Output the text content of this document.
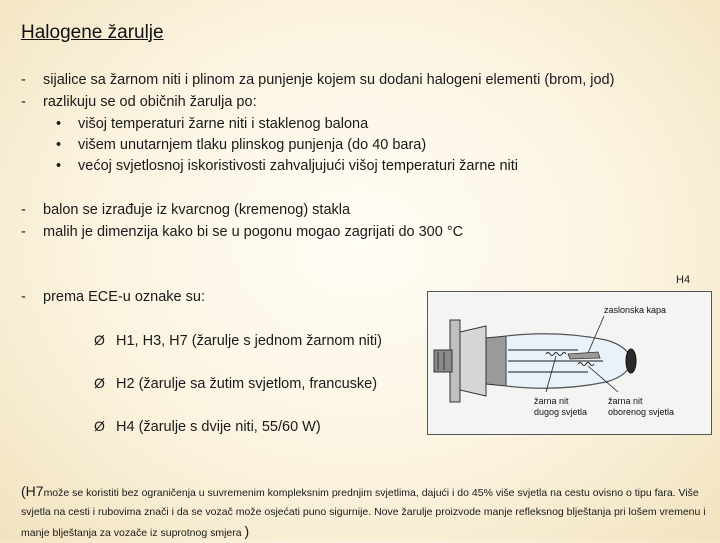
Halogene žarulje
- sijalice sa žarnom niti i plinom za punjenje kojem su dodani halogeni elementi (brom, jod)
- razlikuju se od običnih žarulja po:
• višoj temperaturi žarne niti i staklenog balona
• višem unutarnjem tlaku plinskog punjenja (do 40 bara)
• većoj svjetlosnoj iskoristivosti zahvaljujući višoj temperaturi žarne niti
- balon se izrađuje iz kvarcnog (kremenog) stakla
- malih je dimenzija kako bi se u pogonu mogao zagrijati do 300 °C
- prema ECE-u oznake su:
Ø H1, H3, H7 (žarulje s jednom žarnom niti)
Ø H2 (žarulje sa žutim svjetlom, francuske)
Ø H4 (žarulje s dvije niti, 55/60 W)
H4
zaslonska kapa
žarna nit
dugog svjetla
žarna nit
oborenog svjetla
(H7može se koristiti bez ograničenja u suvremenim kompleksnim prednjim svjetlima, dajući i do 45% više svjetla na cestu ovisno o tipu fara. Više svjetla na cesti i rubovima znači i da se vozač može osjećati puno sigurnije. Nove žarulje proizvode manje refleksnog blještanja pri lošem vremenu i manje blještanja za vozače iz suprotnog smjera )
